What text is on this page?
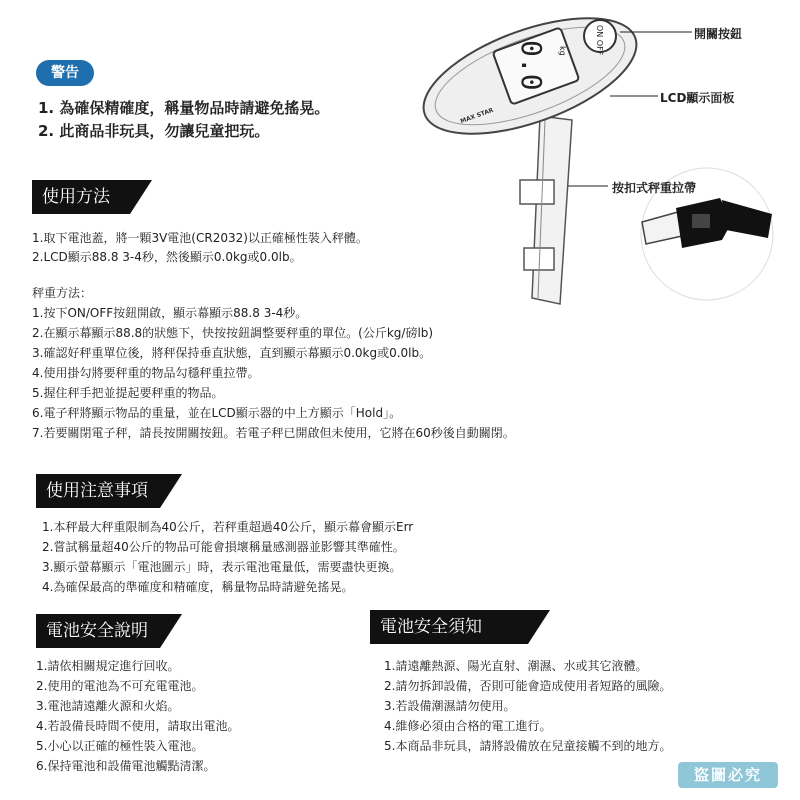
警告
1. 為確保精確度，稱量物品時請避免搖晃。
2. 此商品非玩具，勿讓兒童把玩。
0.0 kg	ON OFF
MAX STAR
開關按鈕
LCD顯示面板
按扣式秤重拉帶
使用方法
1.取下電池蓋，將一顆3V電池(CR2032)以正確極性裝入秤體。
2.LCD顯示88.8 3-4秒，然後顯示0.0kg或0.0lb。
秤重方法：
1.按下ON/OFF按鈕開啟，顯示幕顯示88.8 3-4秒。
2.在顯示幕顯示88.8的狀態下，快按按鈕調整要秤重的單位。(公斤kg/磅lb)
3.確認好秤重單位後，將秤保持垂直狀態，直到顯示幕顯示0.0kg或0.0lb。
4.使用掛勾將要秤重的物品勾穩秤重拉帶。
5.握住秤手把並提起要秤重的物品。
6.電子秤將顯示物品的重量，並在LCD顯示器的中上方顯示「Hold」。
7.若要關閉電子秤，請長按開關按鈕。若電子秤已開啟但未使用，它將在60秒後自動關閉。
使用注意事項
1.本秤最大秤重限制為40公斤，若秤重超過40公斤，顯示幕會顯示Err
2.嘗試稱量超40公斤的物品可能會損壞稱量感測器並影響其準確性。
3.顯示螢幕顯示「電池圖示」時，表示電池電量低，需要盡快更換。
4.為確保最高的準確度和精確度，稱量物品時請避免搖晃。
電池安全說明
1.請依相關規定進行回收。
2.使用的電池為不可充電電池。
3.電池請遠離火源和火焰。
4.若設備長時間不使用，請取出電池。
5.小心以正確的極性裝入電池。
6.保持電池和設備電池觸點清潔。
電池安全須知
1.請遠離熱源、陽光直射、潮濕、水或其它液體。
2.請勿拆卸設備，否則可能會造成使用者短路的風險。
3.若設備潮濕請勿使用。
4.維修必須由合格的電工進行。
5.本商品非玩具，請將設備放在兒童接觸不到的地方。
盜圖必究
